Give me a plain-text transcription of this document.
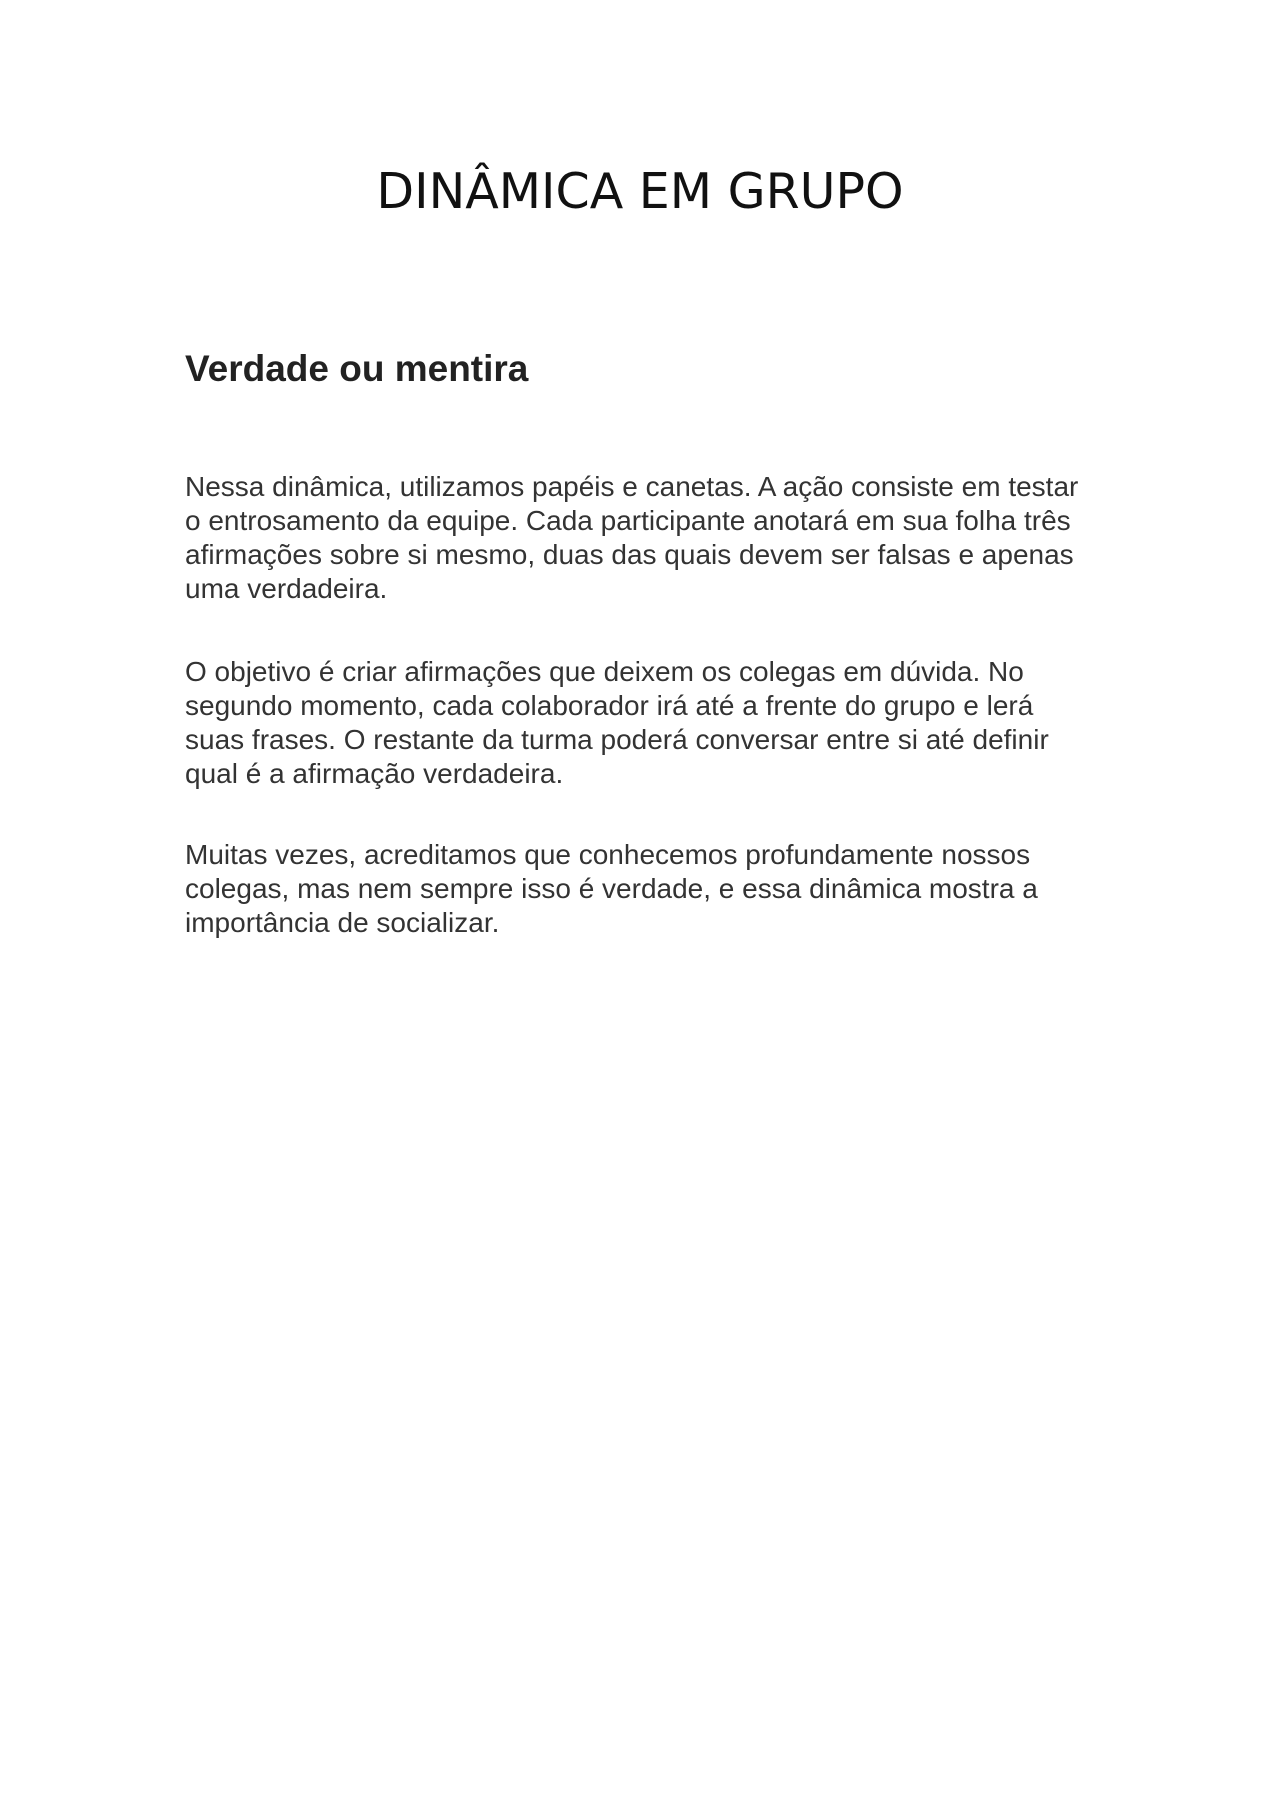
DINÂMICA EM GRUPO
Verdade ou mentira

Nessa dinâmica, utilizamos papéis e canetas. A ação consiste em testar o entrosamento da equipe. Cada participante anotará em sua folha três afirmações sobre si mesmo, duas das quais devem ser falsas e apenas uma verdadeira.

O objetivo é criar afirmações que deixem os colegas em dúvida. No segundo momento, cada colaborador irá até a frente do grupo e lerá suas frases. O restante da turma poderá conversar entre si até definir qual é a afirmação verdadeira.

Muitas vezes, acreditamos que conhecemos profundamente nossos colegas, mas nem sempre isso é verdade, e essa dinâmica mostra a importância de socializar.
